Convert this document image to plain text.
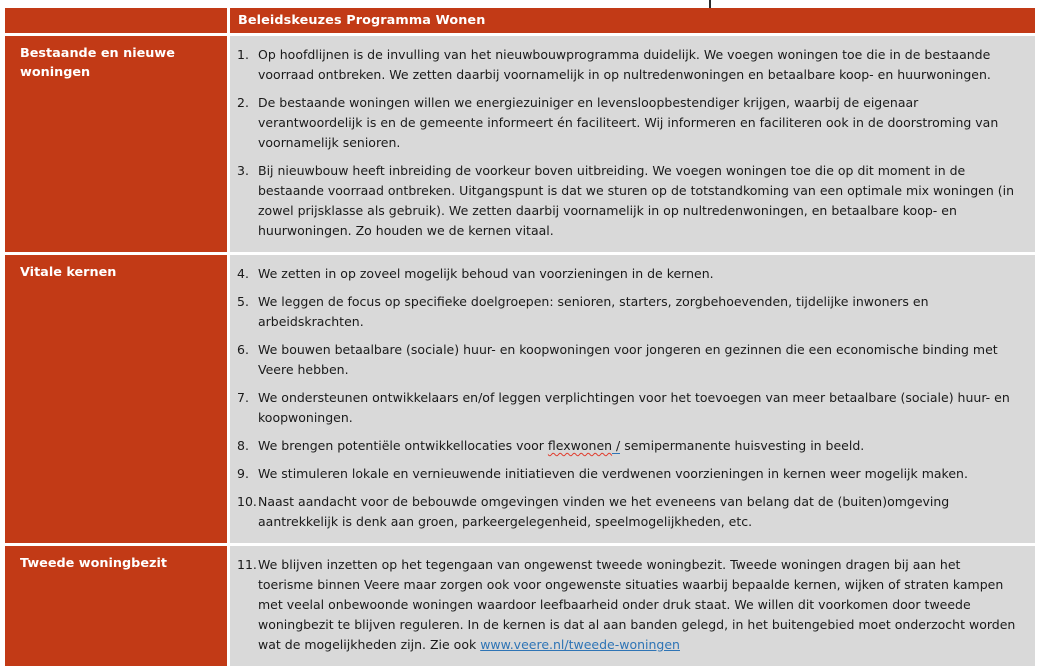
Beleidskeuzes Programma Wonen
Bestaande en nieuwe woningen
1. Op hoofdlijnen is de invulling van het nieuwbouwprogramma duidelijk. We voegen woningen toe die in de bestaande voorraad ontbreken. We zetten daarbij voornamelijk in op nultredenwoningen en betaalbare koop- en huurwoningen.
2. De bestaande woningen willen we energiezuiniger en levensloopbestendiger krijgen, waarbij de eigenaar verantwoordelijk is en de gemeente informeert én faciliteert. Wij informeren en faciliteren ook in de doorstroming van voornamelijk senioren.
3. Bij nieuwbouw heeft inbreiding de voorkeur boven uitbreiding. We voegen woningen toe die op dit moment in de bestaande voorraad ontbreken. Uitgangspunt is dat we sturen op de totstandkoming van een optimale mix woningen (in zowel prijsklasse als gebruik). We zetten daarbij voornamelijk in op nultredenwoningen, en betaalbare koop- en huurwoningen. Zo houden we de kernen vitaal.
Vitale kernen	4. We zetten in op zoveel mogelijk behoud van voorzieningen in de kernen.
5. We leggen de focus op specifieke doelgroepen: senioren, starters, zorgbehoevenden, tijdelijke inwoners en arbeidskrachten.
6. We bouwen betaalbare (sociale) huur- en koopwoningen voor jongeren en gezinnen die een economische binding met Veere hebben.
7. We ondersteunen ontwikkelaars en/of leggen verplichtingen voor het toevoegen van meer betaalbare (sociale) huur- en koopwoningen.
8. We brengen potentiële ontwikkellocaties voor flexwonen / semipermanente huisvesting in beeld.
9. We stimuleren lokale en vernieuwende initiatieven die verdwenen voorzieningen in kernen weer mogelijk maken.
10. Naast aandacht voor de bebouwde omgevingen vinden we het eveneens van belang dat de (buiten)omgeving aantrekkelijk is denk aan groen, parkeergelegenheid, speelmogelijkheden, etc.
Tweede woningbezit	11. We blijven inzetten op het tegengaan van ongewenst tweede woningbezit. Tweede woningen dragen bij aan het toerisme binnen Veere maar zorgen ook voor ongewenste situaties waarbij bepaalde kernen, wijken of straten kampen met veelal onbewoonde woningen waardoor leefbaarheid onder druk staat. We willen dit voorkomen door tweede woningbezit te blijven reguleren. In de kernen is dat al aan banden gelegd, in het buitengebied moet onderzocht worden wat de mogelijkheden zijn. Zie ook www.veere.nl/tweede-woningen
